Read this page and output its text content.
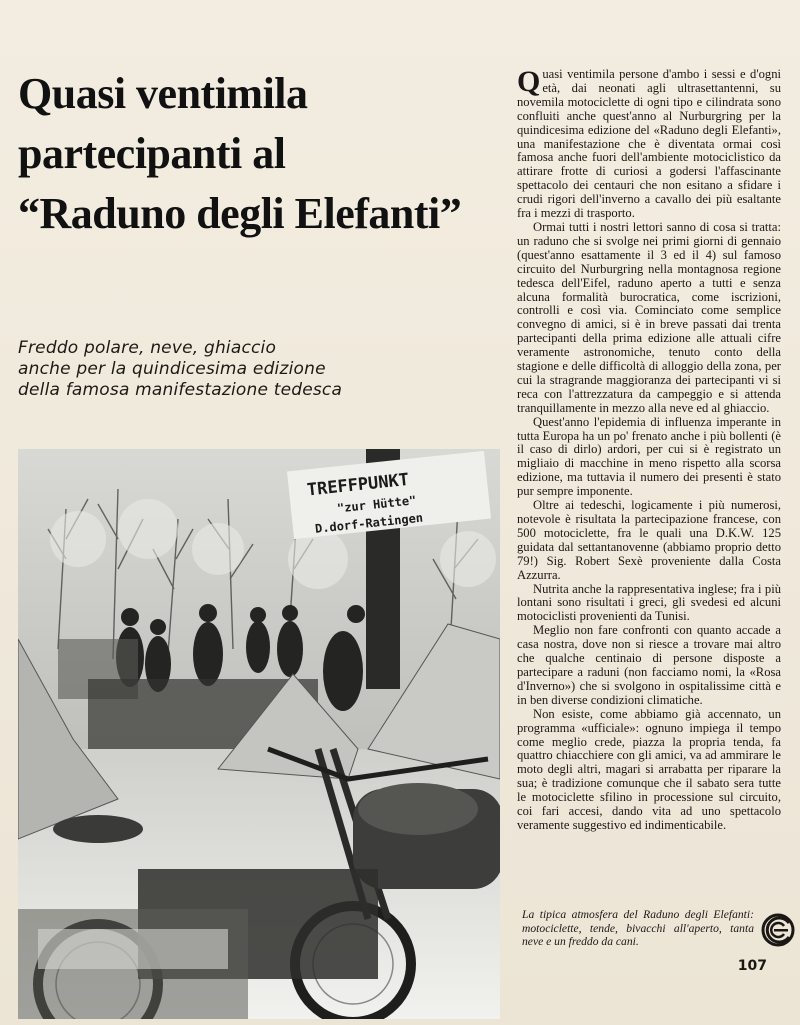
Quasi ventimila
partecipanti al
“Raduno degli Elefanti”
Freddo polare, neve, ghiaccio
anche per la quindicesima edizione
della famosa manifestazione tedesca

Quasi ventimila persone d'ambo i sessi e d'ogni età, dai neonati agli ultrasettantenni, su novemila motociclette di ogni tipo e cilindrata sono confluiti anche quest'anno al Nurburgring per la quindicesima edizione del «Raduno degli Elefanti», una manifestazione che è diventata ormai così famosa anche fuori dell'ambiente motociclistico da attirare frotte di curiosi a godersi l'affascinante spettacolo dei centauri che non esitano a sfidare i crudi rigori dell'inverno a cavallo dei più esaltante fra i mezzi di trasporto.

Ormai tutti i nostri lettori sanno di cosa si tratta: un raduno che si svolge nei primi giorni di gennaio (quest'anno esattamente il 3 ed il 4) sul famoso circuito del Nurburgring nella montagnosa regione tedesca dell'Eifel, raduno aperto a tutti e senza alcuna formalità burocratica, come iscrizioni, controlli e così via. Cominciato come semplice convegno di amici, si è in breve passati dai trenta partecipanti della prima edizione alle attuali cifre veramente astronomiche, tenuto conto della stagione e delle difficoltà di alloggio della zona, per cui la stragrande maggioranza dei partecipanti vi si reca con l'attrezzatura da campeggio e si attenda tranquillamente in mezzo alla neve ed al ghiaccio.

Quest'anno l'epidemia di influenza imperante in tutta Europa ha un po' frenato anche i più bollenti (è il caso di dirlo) ardori, per cui si è registrato un migliaio di macchine in meno rispetto alla scorsa edizione, ma tuttavia il numero dei presenti è stato pur sempre imponente.

Oltre ai tedeschi, logicamente i più numerosi, notevole è risultata la partecipazione francese, con 500 motociclette, fra le quali una D.K.W. 125 guidata dal settantanovenne (abbiamo proprio detto 79!) Sig. Robert Sexè proveniente dalla Costa Azzurra.

Nutrita anche la rappresentativa inglese; fra i più lontani sono risultati i greci, gli svedesi ed alcuni motociclisti provenienti da Tunisi.

Meglio non fare confronti con quanto accade a casa nostra, dove non si riesce a trovare mai altro che qualche centinaio di persone disposte a partecipare a raduni (non facciamo nomi, la «Rosa d'Inverno») che si svolgono in ospitalissime città e in ben diverse condizioni climatiche.

Non esiste, come abbiamo già accennato, un programma «ufficiale»: ognuno impiega il tempo come meglio crede, piazza la propria tenda, fa quattro chiacchiere con gli amici, va ad ammirare le moto degli altri, magari si arrabatta per riparare la sua; è tradizione comunque che il sabato sera tutte le motociclette sfilino in processione sul circuito, coi fari accesi, dando vita ad uno spettacolo veramente suggestivo ed indimenticabile.

TREFFPUNKT
"zur Hütte"
D.dorf-Ratingen
La tipica atmosfera del Raduno degli Elefanti: motociclette, tende, bivacchi all'aperto, tanta neve e un freddo da cani.
107
